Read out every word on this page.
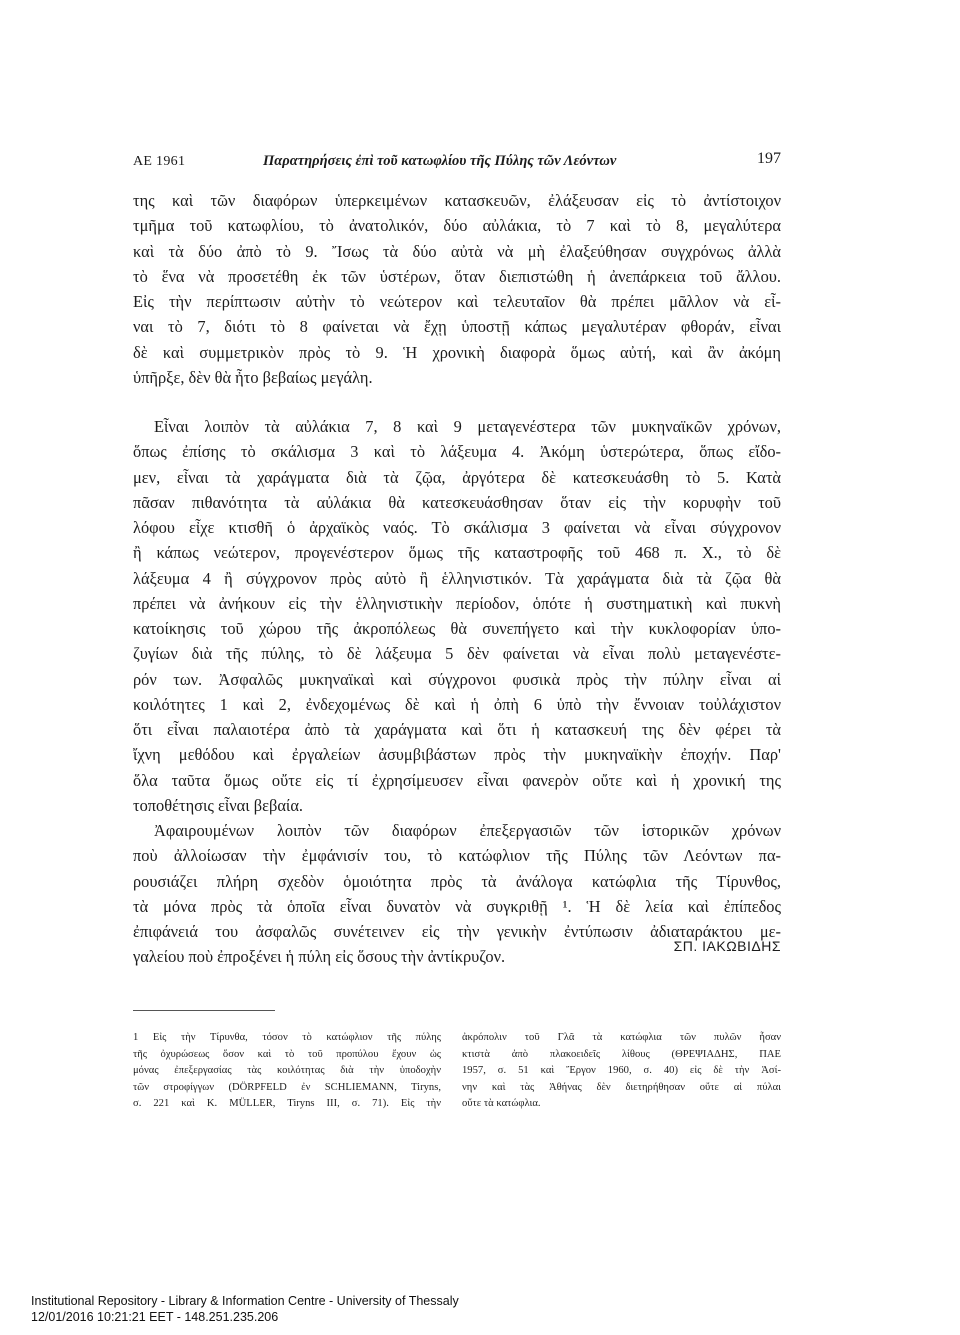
ΑΕ 1961	Παρατηρήσεις ἐπὶ τοῦ κατωφλίου τῆς Πύλης τῶν Λεόντων	197
της καὶ τῶν διαφόρων ὑπερκειμένων κατασκευῶν, ἐλάξευσαν εἰς τὸ ἀντίστοιχον
τμῆμα τοῦ κατωφλίου, τὸ ἀνατολικόν, δύο αὐλάκια, τὸ 7 καὶ τὸ 8, μεγαλύτερα
καὶ τὰ δύο ἀπὸ τὸ 9. Ἴσως τὰ δύο αὐτὰ νὰ μὴ ἐλαξεύθησαν συγχρόνως ἀλλὰ
τὸ ἕνα νὰ προσετέθη ἐκ τῶν ὑστέρων, ὅταν διεπιστώθη ἡ ἀνεπάρκεια τοῦ ἄλλου.
Εἰς τὴν περίπτωσιν αὐτὴν τὸ νεώτερον καὶ τελευταῖον θὰ πρέπει μᾶλλον νὰ εἶ-
ναι τὸ 7, διότι τὸ 8 φαίνεται νὰ ἔχῃ ὑποστῇ κάπως μεγαλυτέραν φθοράν, εἶναι
δὲ καὶ συμμετρικὸν πρὸς τὸ 9. Ἡ χρονικὴ διαφορὰ ὅμως αὐτή, καὶ ἂν ἀκόμη
ὑπῆρξε, δὲν θὰ ἦτο βεβαίως μεγάλη.
Εἶναι λοιπὸν τὰ αὐλάκια 7, 8 καὶ 9 μεταγενέστερα τῶν μυκηναϊκῶν χρόνων,
ὅπως ἐπίσης τὸ σκάλισμα 3 καὶ τὸ λάξευμα 4. Ἀκόμη ὑστερώτερα, ὅπως εἴδο-
μεν, εἶναι τὰ χαράγματα διὰ τὰ ζῷα, ἀργότερα δὲ κατεσκευάσθη τὸ 5. Κατὰ
πᾶσαν πιθανότητα τὰ αὐλάκια θὰ κατεσκευάσθησαν ὅταν εἰς τὴν κορυφὴν τοῦ
λόφου εἶχε κτισθῆ ὁ ἀρχαϊκὸς ναός. Τὸ σκάλισμα 3 φαίνεται νὰ εἶναι σύγχρονον
ἢ κάπως νεώτερον, προγενέστερον ὅμως τῆς καταστροφῆς τοῦ 468 π. Χ., τὸ δὲ
λάξευμα 4 ἢ σύγχρονον πρὸς αὐτὸ ἢ ἑλληνιστικόν. Τὰ χαράγματα διὰ τὰ ζῷα θὰ
πρέπει νὰ ἀνήκουν εἰς τὴν ἑλληνιστικὴν περίοδον, ὁπότε ἡ συστηματικὴ καὶ πυκνὴ
κατοίκησις τοῦ χώρου τῆς ἀκροπόλεως θὰ συνεπήγετο καὶ τὴν κυκλοφορίαν ὑπο-
ζυγίων διὰ τῆς πύλης, τὸ δὲ λάξευμα 5 δὲν φαίνεται νὰ εἶναι πολὺ μεταγενέστε-
ρόν των. Ἀσφαλῶς μυκηναϊκαὶ καὶ σύγχρονοι φυσικὰ πρὸς τὴν πύλην εἶναι αἱ
κοιλότητες 1 καὶ 2, ἐνδεχομένως δὲ καὶ ἡ ὀπὴ 6 ὑπὸ τὴν ἔννοιαν τοὐλάχιστον
ὅτι εἶναι παλαιοτέρα ἀπὸ τὰ χαράγματα καὶ ὅτι ἡ κατασκευή της δὲν φέρει τὰ
ἴχνη μεθόδου καὶ ἐργαλείων ἀσυμβιβάστων πρὸς τὴν μυκηναϊκὴν ἐποχήν. Παρ'
ὅλα ταῦτα ὅμως οὔτε εἰς τί ἐχρησίμευσεν εἶναι φανερὸν οὔτε καὶ ἡ χρονική της
τοποθέτησις εἶναι βεβαία.
Ἀφαιρουμένων λοιπὸν τῶν διαφόρων ἐπεξεργασιῶν τῶν ἱστορικῶν χρόνων
ποὺ ἀλλοίωσαν τὴν ἐμφάνισίν του, τὸ κατώφλιον τῆς Πύλης τῶν Λεόντων πα-
ρουσιάζει πλήρη σχεδὸν ὁμοιότητα πρὸς τὰ ἀνάλογα κατώφλια τῆς Τίρυνθος,
τὰ μόνα πρὸς τὰ ὁποῖα εἶναι δυνατὸν νὰ συγκριθῇ ¹. Ἡ δὲ λεία καὶ ἐπίπεδος
ἐπιφάνειά του ἀσφαλῶς συνέτεινεν εἰς τὴν γενικὴν ἐντύπωσιν ἀδιαταράκτου με-
γαλείου ποὺ ἐπροξένει ἡ πύλη εἰς ὅσους τὴν ἀντίκρυζον.
ΣΠ. ΙΑΚΩΒΙΔΗΣ
1 Εἰς τὴν Τίρυνθα, τόσον τὸ κατώφλιον τῆς πύλης
τῆς ὀχυρώσεως ὅσον καὶ τὸ τοῦ προπύλου ἔχουν ὡς
μόνας ἐπεξεργασίας τὰς κοιλότητας διὰ τὴν ὑποδοχὴν
τῶν στροφίγγων (DÖRPFELD ἐν SCHLIEMANN, Tiryns,
σ. 221 καὶ K. MÜLLER, Tiryns III, σ. 71). Εἰς τὴν
ἀκρόπολιν τοῦ Γλᾶ τὰ κατώφλια τῶν πυλῶν ἦσαν
κτιστὰ ἀπὸ πλακοειδεῖς λίθους (ΘΡΕΨΙΑΔΗΣ, ΠΑΕ
1957, σ. 51 καὶ Ἔργον 1960, σ. 40) εἰς δὲ τὴν Ἀσί-
νην καὶ τὰς Ἀθήνας δὲν διετηρήθησαν οὔτε αἱ πύλαι
οὔτε τὰ κατώφλια.
Institutional Repository - Library & Information Centre - University of Thessaly
12/01/2016 10:21:21 EET - 148.251.235.206
